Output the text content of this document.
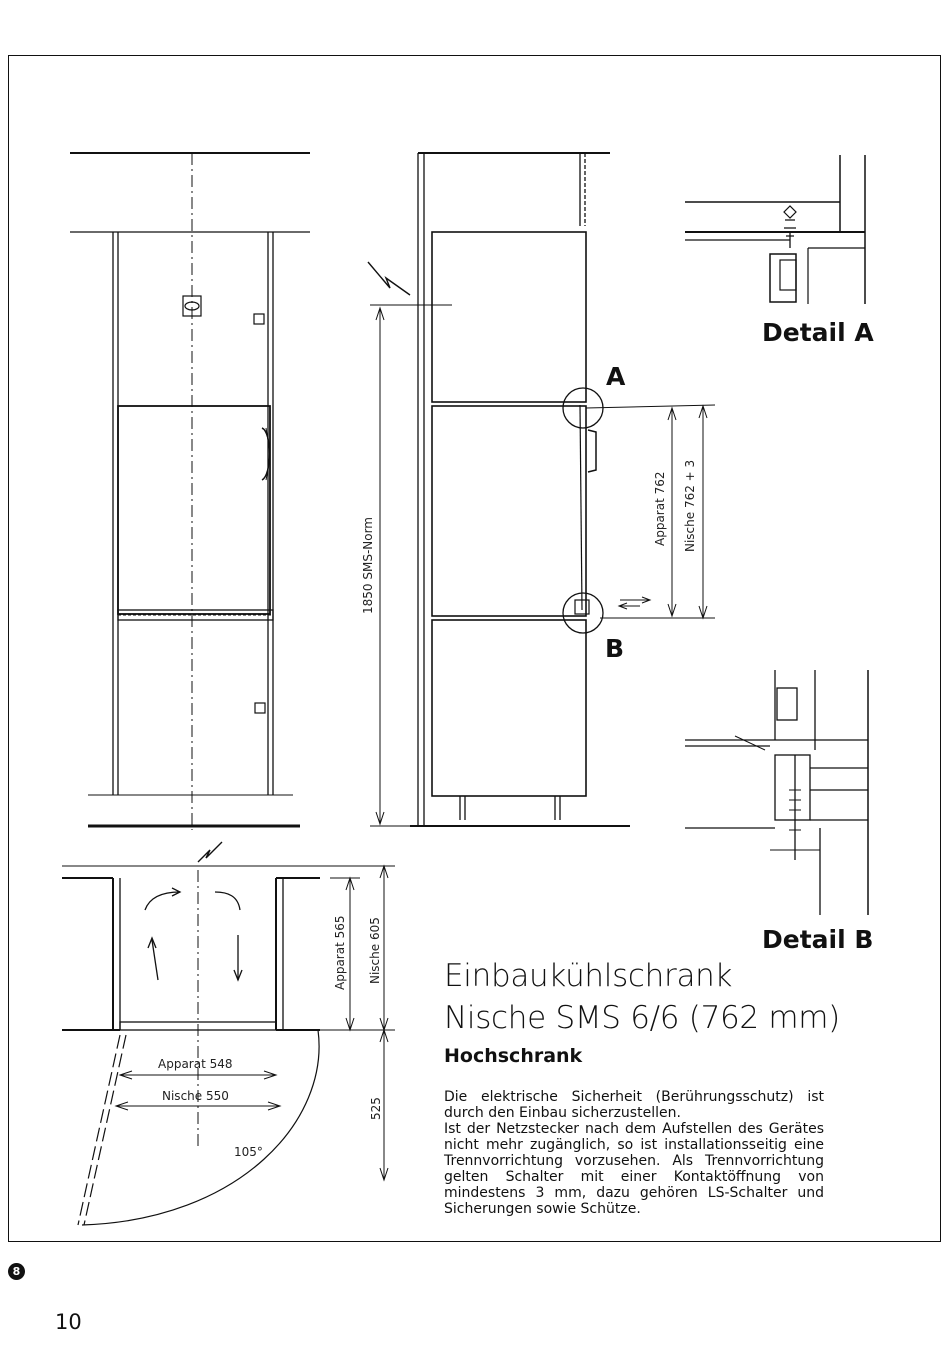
Detail A
Detail B
A
B
1850 SMS-Norm
Apparat 762 Nische 762 + 3
Apparat 565 Nische 605
525
Apparat 548
Nische 550
105°
Einbaukühlschrank
Nische SMS 6/6 (762 mm)
Hochschrank

Die elektrische Sicherheit (Berührungsschutz) ist durch den Einbau sicherzustellen.

Ist der Netzstecker nach dem Aufstellen des Gerätes nicht mehr zugänglich, so ist installationsseitig eine Trennvorrichtung vorzusehen. Als Trennvorrichtung gelten Schalter mit einer Kontaktöffnung von mindestens 3 mm, dazu gehören LS-Schalter und Sicherungen sowie Schütze.

8
10
